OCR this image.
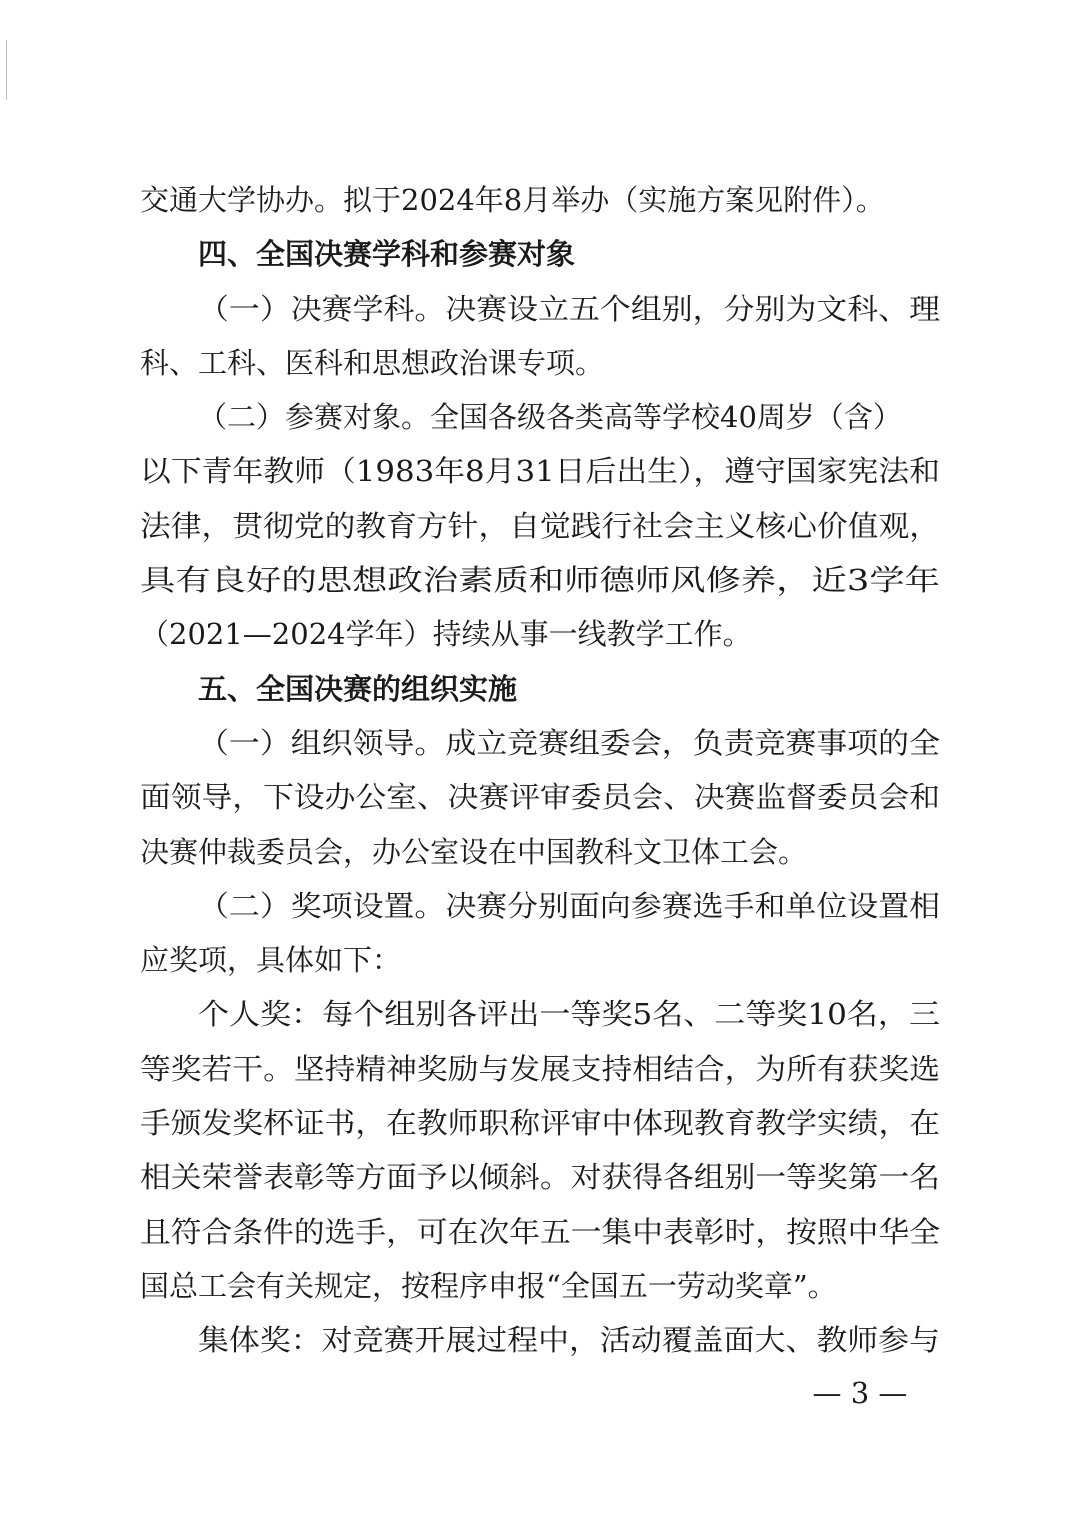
交通大学协办。拟于2024年8月举办（实施方案见附件）。
四、全国决赛学科和参赛对象
（一）决赛学科。决赛设立五个组别，分别为文科、理
科、工科、医科和思想政治课专项。
（二）参赛对象。全国各级各类高等学校40周岁（含）
以下青年教师（1983年8月31日后出生），遵守国家宪法和
法律，贯彻党的教育方针，自觉践行社会主义核心价值观，
具有良好的思想政治素质和师德师风修养，近3学年
（2021—2024学年）持续从事一线教学工作。
五、全国决赛的组织实施
（一）组织领导。成立竞赛组委会，负责竞赛事项的全
面领导，下设办公室、决赛评审委员会、决赛监督委员会和
决赛仲裁委员会，办公室设在中国教科文卫体工会。
（二）奖项设置。决赛分别面向参赛选手和单位设置相
应奖项，具体如下：
个人奖：每个组别各评出一等奖5名、二等奖10名，三
等奖若干。坚持精神奖励与发展支持相结合，为所有获奖选
手颁发奖杯证书，在教师职称评审中体现教育教学实绩，在
相关荣誉表彰等方面予以倾斜。对获得各组别一等奖第一名
且符合条件的选手，可在次年五一集中表彰时，按照中华全
国总工会有关规定，按程序申报“全国五一劳动奖章”。
集体奖：对竞赛开展过程中，活动覆盖面大、教师参与
— 3 —
